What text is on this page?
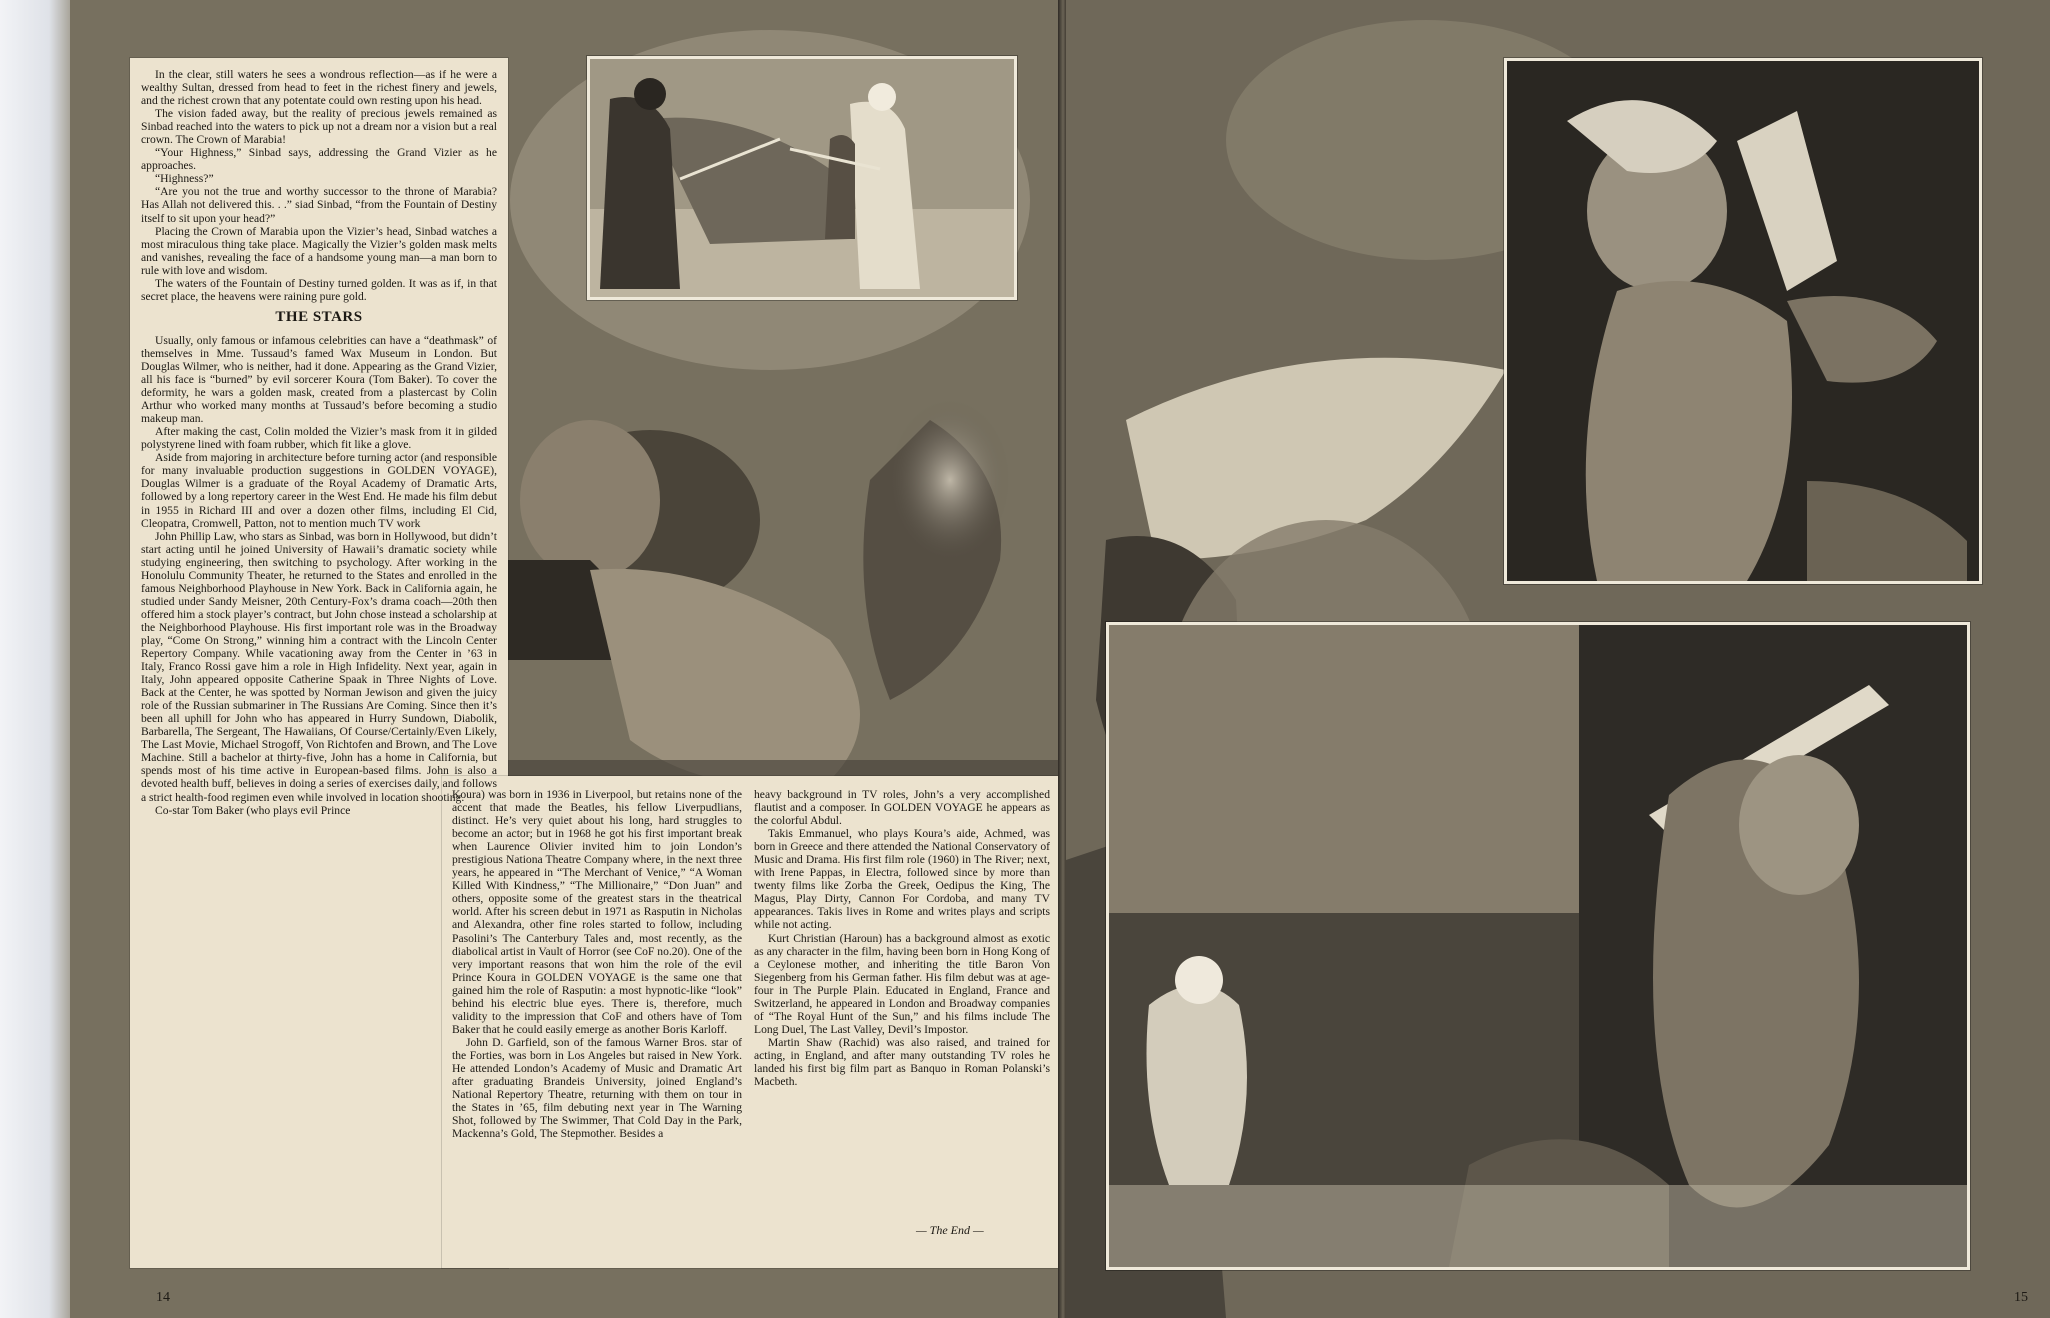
In the clear, still waters he sees a wondrous reflection—as if he were a wealthy Sultan, dressed from head to feet in the richest finery and jewels, and the richest crown that any potentate could own resting upon his head.

The vision faded away, but the reality of precious jewels remained as Sinbad reached into the waters to pick up not a dream nor a vision but a real crown. The Crown of Marabia!

“Your Highness,” Sinbad says, addressing the Grand Vizier as he approaches.

“Highness?”

“Are you not the true and worthy successor to the throne of Marabia? Has Allah not delivered this. . .” siad Sinbad, “from the Fountain of Destiny itself to sit upon your head?”

Placing the Crown of Marabia upon the Vizier’s head, Sinbad watches a most miraculous thing take place. Magically the Vizier’s golden mask melts and vanishes, revealing the face of a handsome young man—a man born to rule with love and wisdom.

The waters of the Fountain of Destiny turned golden. It was as if, in that secret place, the heavens were raining pure gold.

THE STARS

Usually, only famous or infamous celebrities can have a “deathmask” of themselves in Mme. Tussaud’s famed Wax Museum in London. But Douglas Wilmer, who is neither, had it done. Appearing as the Grand Vizier, all his face is “burned” by evil sorcerer Koura (Tom Baker). To cover the deformity, he wars a golden mask, created from a plastercast by Colin Arthur who worked many months at Tussaud’s before becoming a studio makeup man.

After making the cast, Colin molded the Vizier’s mask from it in gilded polystyrene lined with foam rubber, which fit like a glove.

Aside from majoring in architecture before turning actor (and responsible for many invaluable production suggestions in GOLDEN VOYAGE), Douglas Wilmer is a graduate of the Royal Academy of Dramatic Arts, followed by a long repertory career in the West End. He made his film debut in 1955 in Richard III and over a dozen other films, including El Cid, Cleopatra, Cromwell, Patton, not to mention much TV work

John Phillip Law, who stars as Sinbad, was born in Hollywood, but didn’t start acting until he joined University of Hawaii’s dramatic society while studying engineering, then switching to psychology. After working in the Honolulu Community Theater, he returned to the States and enrolled in the famous Neighborhood Playhouse in New York. Back in California again, he studied under Sandy Meisner, 20th Century-Fox’s drama coach—20th then offered him a stock player’s contract, but John chose instead a scholarship at the Neighborhood Playhouse. His first important role was in the Broadway play, “Come On Strong,” winning him a contract with the Lincoln Center Repertory Company. While vacationing away from the Center in ’63 in Italy, Franco Rossi gave him a role in High Infidelity. Next year, again in Italy, John appeared opposite Catherine Spaak in Three Nights of Love. Back at the Center, he was spotted by Norman Jewison and given the juicy role of the Russian submariner in The Russians Are Coming. Since then it’s been all uphill for John who has appeared in Hurry Sundown, Diabolik, Barbarella, The Sergeant, The Hawaiians, Of Course/Certainly/Even Likely, The Last Movie, Michael Strogoff, Von Richtofen and Brown, and The Love Machine. Still a bachelor at thirty-five, John has a home in California, but spends most of his time active in European-based films. John is also a devoted health buff, believes in doing a series of exercises daily, and follows a strict health-food regimen even while involved in location shooting.

Co-star Tom Baker (who plays evil Prince

Koura) was born in 1936 in Liverpool, but retains none of the accent that made the Beatles, his fellow Liverpudlians, distinct. He’s very quiet about his long, hard struggles to become an actor; but in 1968 he got his first important break when Laurence Olivier invited him to join London’s prestigious Nationa Theatre Company where, in the next three years, he appeared in “The Merchant of Venice,” “A Woman Killed With Kindness,” “The Millionaire,” “Don Juan” and others, opposite some of the greatest stars in the theatrical world. After his screen debut in 1971 as Rasputin in Nicholas and Alexandra, other fine roles started to follow, including Pasolini’s The Canterbury Tales and, most recently, as the diabolical artist in Vault of Horror (see CoF no.20). One of the very important reasons that won him the role of the evil Prince Koura in GOLDEN VOYAGE is the same one that gained him the role of Rasputin: a most hypnotic-like “look” behind his electric blue eyes. There is, therefore, much validity to the impression that CoF and others have of Tom Baker that he could easily emerge as another Boris Karloff.

John D. Garfield, son of the famous Warner Bros. star of the Forties, was born in Los Angeles but raised in New York. He attended London’s Academy of Music and Dramatic Art after graduating Brandeis University, joined England’s National Repertory Theatre, returning with them on tour in the States in ’65, film debuting next year in The Warning Shot, followed by The Swimmer, That Cold Day in the Park, Mackenna’s Gold, The Stepmother. Besides a

heavy background in TV roles, John’s a very accomplished flautist and a composer. In GOLDEN VOYAGE he appears as the colorful Abdul.

Takis Emmanuel, who plays Koura’s aide, Achmed, was born in Greece and there attended the National Conservatory of Music and Drama. His first film role (1960) in The River; next, with Irene Pappas, in Electra, followed since by more than twenty films like Zorba the Greek, Oedipus the King, The Magus, Play Dirty, Cannon For Cordoba, and many TV appearances. Takis lives in Rome and writes plays and scripts while not acting.

Kurt Christian (Haroun) has a background almost as exotic as any character in the film, having been born in Hong Kong of a Ceylonese mother, and inheriting the title Baron Von Siegenberg from his German father. His film debut was at age-four in The Purple Plain. Educated in England, France and Switzerland, he appeared in London and Broadway companies of “The Royal Hunt of the Sun,” and his films include The Long Duel, The Last Valley, Devil’s Impostor.

Martin Shaw (Rachid) was also raised, and trained for acting, in England, and after many outstanding TV roles he landed his first big film part as Banquo in Roman Polanski’s Macbeth.

— The End —
14	15
